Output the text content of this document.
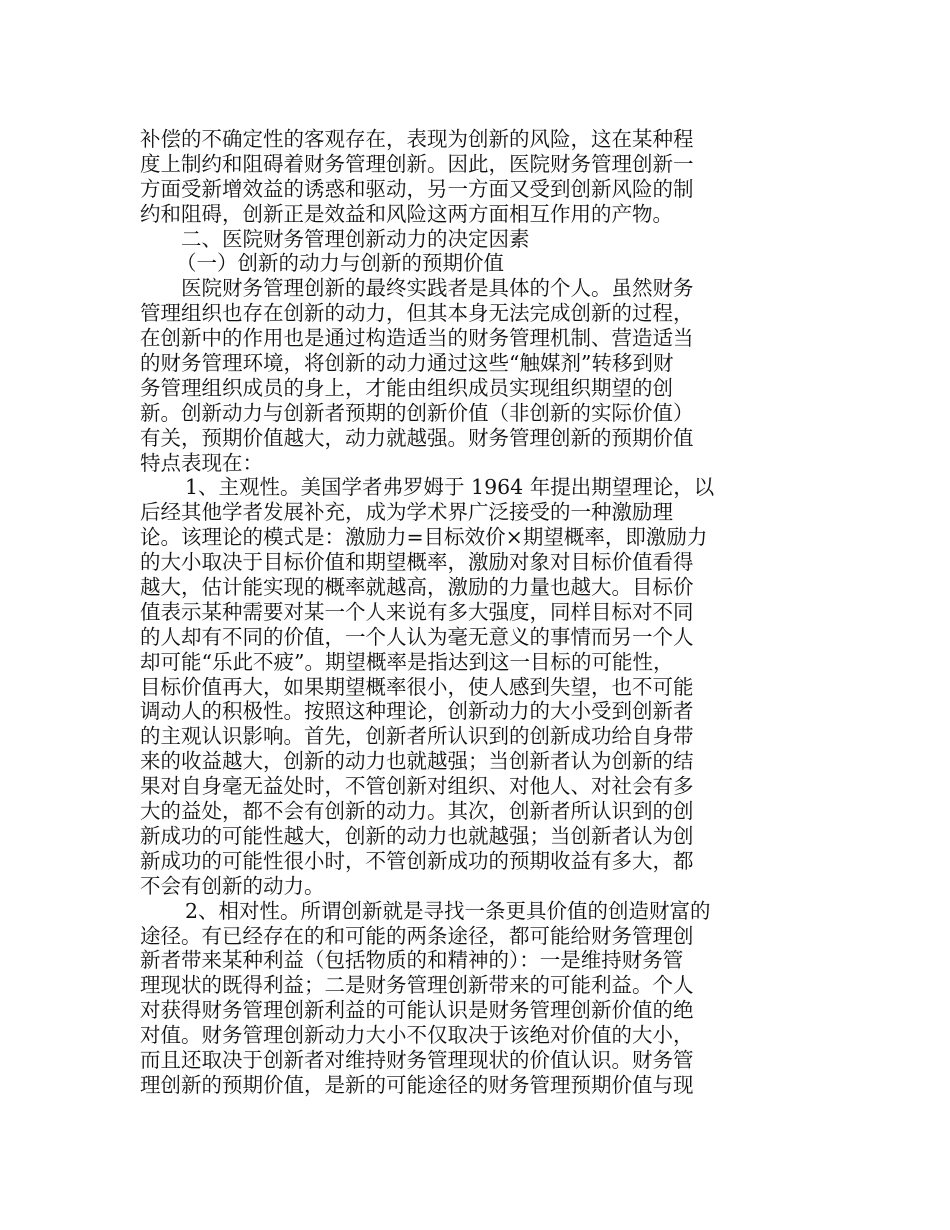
补偿的不确定性的客观存在，表现为创新的风险，这在某种程
度上制约和阻碍着财务管理创新。因此，医院财务管理创新一
方面受新增效益的诱惑和驱动，另一方面又受到创新风险的制
约和阻碍，创新正是效益和风险这两方面相互作用的产物。
二、医院财务管理创新动力的决定因素
（一）创新的动力与创新的预期价值
医院财务管理创新的最终实践者是具体的个人。虽然财务
管理组织也存在创新的动力，但其本身无法完成创新的过程，
在创新中的作用也是通过构造适当的财务管理机制、营造适当
的财务管理环境，将创新的动力通过这些“触媒剂”转移到财
务管理组织成员的身上，才能由组织成员实现组织期望的创
新。创新动力与创新者预期的创新价值（非创新的实际价值）
有关，预期价值越大，动力就越强。财务管理创新的预期价值
特点表现在：
1、主观性。美国学者弗罗姆于 1964 年提出期望理论，以
后经其他学者发展补充，成为学术界广泛接受的一种激励理
论。该理论的模式是：激励力=目标效价×期望概率，即激励力
的大小取决于目标价值和期望概率，激励对象对目标价值看得
越大，估计能实现的概率就越高，激励的力量也越大。目标价
值表示某种需要对某一个人来说有多大强度，同样目标对不同
的人却有不同的价值，一个人认为毫无意义的事情而另一个人
却可能“乐此不疲”。期望概率是指达到这一目标的可能性，
目标价值再大，如果期望概率很小，使人感到失望，也不可能
调动人的积极性。按照这种理论，创新动力的大小受到创新者
的主观认识影响。首先，创新者所认识到的创新成功给自身带
来的收益越大，创新的动力也就越强；当创新者认为创新的结
果对自身毫无益处时，不管创新对组织、对他人、对社会有多
大的益处，都不会有创新的动力。其次，创新者所认识到的创
新成功的可能性越大，创新的动力也就越强；当创新者认为创
新成功的可能性很小时，不管创新成功的预期收益有多大，都
不会有创新的动力。
2、相对性。所谓创新就是寻找一条更具价值的创造财富的
途径。有已经存在的和可能的两条途径，都可能给财务管理创
新者带来某种利益（包括物质的和精神的）：一是维持财务管
理现状的既得利益；二是财务管理创新带来的可能利益。个人
对获得财务管理创新利益的可能认识是财务管理创新价值的绝
对值。财务管理创新动力大小不仅取决于该绝对价值的大小，
而且还取决于创新者对维持财务管理现状的价值认识。财务管
理创新的预期价值，是新的可能途径的财务管理预期价值与现
